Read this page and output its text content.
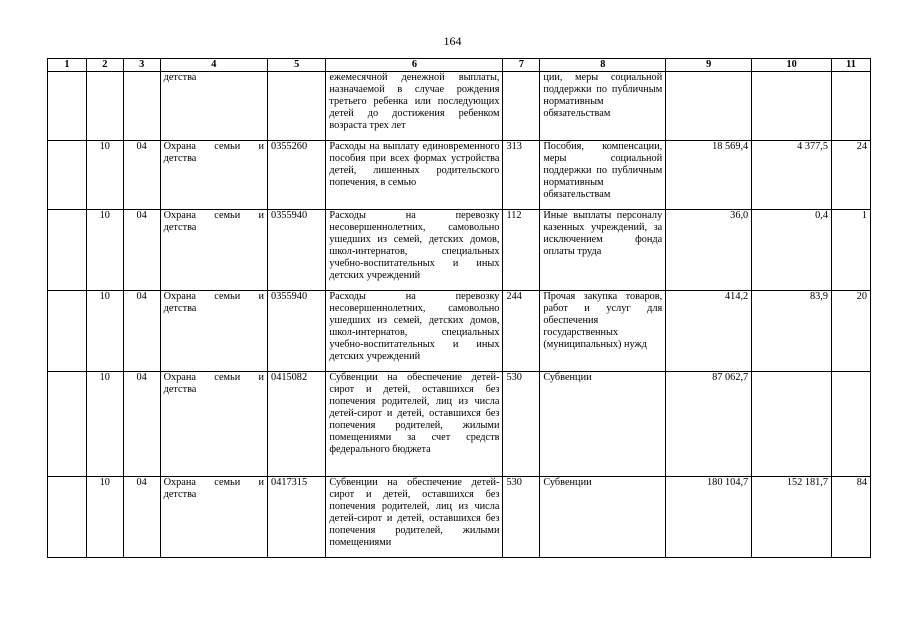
164
1	2	3	4	5	6	7	8	9	10	11
			детства		ежемесячной денежной выплаты, назначаемой в случае рождения третьего ребенка или последующих детей до достижения ребенком возраста трех лет		ции, меры социальной поддержки по публичным нормативным обязательствам			
	10	04	Охрана семьи и детства	0355260	Расходы на выплату единовременного пособия при всех формах устройства детей, лишенных родительского попечения, в семью	313	Пособия, компенсации, меры социальной поддержки по публичным нормативным обязательствам	18 569,4	4 377,5	24
	10	04	Охрана семьи и детства	0355940	Расходы на перевозку несовершеннолетних, самовольно ушедших из семей, детских домов, школ-интернатов, специальных учебно-воспитательных и иных детских учреждений	112	Иные выплаты персоналу казенных учреждений, за исключением фонда оплаты труда	36,0	0,4	1
	10	04	Охрана семьи и детства	0355940	Расходы на перевозку несовершеннолетних, самовольно ушедших из семей, детских домов, школ-интернатов, специальных учебно-воспитательных и иных детских учреждений	244	Прочая закупка товаров, работ и услуг для обеспечения государственных (муниципальных) нужд	414,2	83,9	20
	10	04	Охрана семьи и детства	0415082	Субвенции на обеспечение детей-сирот и детей, оставшихся без попечения родителей, лиц из числа детей-сирот и детей, оставшихся без попечения родителей, жилыми помещениями за счет средств федерального бюджета	530	Субвенции	87 062,7		
	10	04	Охрана семьи и детства	0417315	Субвенции на обеспечение детей-сирот и детей, оставшихся без попечения родителей, лиц из числа детей-сирот и детей, оставшихся без попечения родителей, жилыми помещениями	530	Субвенции	180 104,7	152 181,7	84
